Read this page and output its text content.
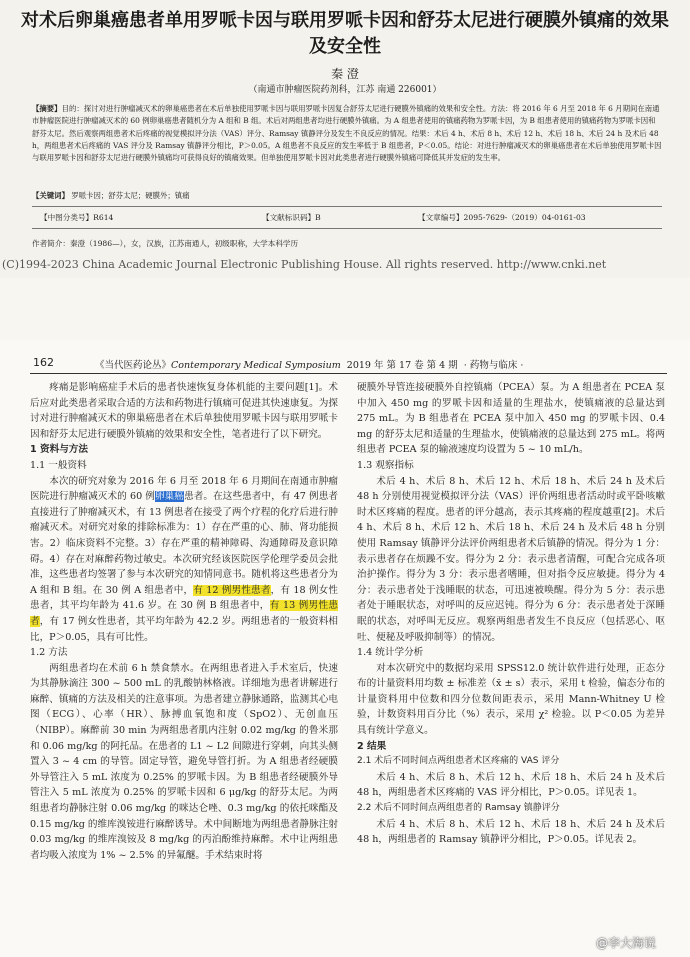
对术后卵巢癌患者单用罗哌卡因与联用罗哌卡因和舒芬太尼进行硬膜外镇痛的效果及安全性
秦 澄
（南通市肿瘤医院药剂科，江苏 南通 226001）
【摘要】目的：探讨对进行肿瘤减灭术的卵巢癌患者在术后单独使用罗哌卡因与联用罗哌卡因复合舒芬太尼进行硬膜外镇痛的效果和安全性。方法：将 2016 年 6 月至 2018 年 6 月期间在南通市肿瘤医院进行肿瘤减灭术的 60 例卵巢癌患者随机分为 A 组和 B 组。术后对两组患者均进行硬膜外镇痛。为 A 组患者使用的镇痛药物为罗哌卡因，为 B 组患者使用的镇痛药物为罗哌卡因和舒芬太尼。然后观察两组患者术后疼痛的视觉模拟评分法（VAS）评分、Ramsay 镇静评分及发生不良反应的情况。结果：术后 4 h、术后 8 h、术后 12 h、术后 18 h、术后 24 h 及术后 48 h，两组患者术后疼痛的 VAS 评分及 Ramsay 镇静评分相比，P＞0.05。A 组患者不良反应的发生率低于 B 组患者，P＜0.05。结论：对进行肿瘤减灭术的卵巢癌患者在术后单独使用罗哌卡因与联用罗哌卡因和舒芬太尼进行硬膜外镇痛均可获得良好的镇痛效果。但单独使用罗哌卡因对此类患者进行硬膜外镇痛可降低其并发症的发生率。
【关键词】 罗哌卡因；舒芬太尼；硬膜外；镇痛
【中图分类号】R614	【文献标识码】B	【文章编号】2095-7629-（2019）04-0161-03
作者简介：秦澄（1986—），女，汉族，江苏南通人，初级职称，大学本科学历
(C)1994-2023 China Academic Journal Electronic Publishing House. All rights reserved. http://www.cnki.net
162	《当代医药论丛》Contemporary Medical Symposium 2019 年 第 17 卷 第 4 期 · 药物与临床 ·

疼痛是影响癌症手术后的患者快速恢复身体机能的主要问题[1]。术后应对此类患者采取合适的方法和药物进行镇痛可促进其快速康复。为探讨对进行肿瘤减灭术的卵巢癌患者在术后单独使用罗哌卡因与联用罗哌卡因和舒芬太尼进行硬膜外镇痛的效果和安全性，笔者进行了以下研究。

1 资料与方法
1.1 一般资料

本次的研究对象为 2016 年 6 月至 2018 年 6 月期间在南通市肿瘤医院进行肿瘤减灭术的 60 例卵巢癌患者。在这些患者中，有 47 例患者直接进行了肿瘤减灭术，有 13 例患者在接受了两个疗程的化疗后进行肿瘤减灭术。对研究对象的排除标准为：1）存在严重的心、肺、肾功能损害。2）临床资料不完整。3）存在严重的精神障碍、沟通障碍及意识障碍。4）存在对麻醉药物过敏史。本次研究经该医院医学伦理学委员会批准，这些患者均签署了参与本次研究的知情同意书。随机将这些患者分为 A 组和 B 组。在 30 例 A 组患者中，有 12 例男性患者，有 18 例女性患者，其平均年龄为 41.6 岁。在 30 例 B 组患者中，有 13 例男性患者，有 17 例女性患者，其平均年龄为 42.2 岁。两组患者的一般资料相比，P＞0.05，具有可比性。

1.2 方法

两组患者均在术前 6 h 禁食禁水。在两组患者进入手术室后，快速为其静脉滴注 300 ~ 500 mL 的乳酸钠林格液。详细地为患者讲解进行麻醉、镇痛的方法及相关的注意事项。为患者建立静脉通路，监测其心电图（ECG）、心率（HR）、脉搏血氧饱和度（SpO2）、无创血压（NIBP）。麻醉前 30 min 为两组患者肌内注射 0.02 mg/kg 的鲁米那和 0.06 mg/kg 的阿托品。在患者的 L1 ~ L2 间隙进行穿刺，向其头侧置入 3 ~ 4 cm 的导管。固定导管，避免导管打折。为 A 组患者经硬膜外导管注入 5 mL 浓度为 0.25% 的罗哌卡因。为 B 组患者经硬膜外导管注入 5 mL 浓度为 0.25% 的罗哌卡因和 6 μg/kg 的舒芬太尼。为两组患者均静脉注射 0.06 mg/kg 的咪达仑唑、0.3 mg/kg 的依托咪酯及 0.15 mg/kg 的维库溴铵进行麻醉诱导。术中间断地为两组患者静脉注射 0.03 mg/kg 的维库溴铵及 8 mg/kg 的丙泊酚维持麻醉。术中让两组患者均吸入浓度为 1% ~ 2.5% 的异氟醚。手术结束时将

硬膜外导管连接硬膜外自控镇痛（PCEA）泵。为 A 组患者在 PCEA 泵中加入 450 mg 的罗哌卡因和适量的生理盐水，使镇痛液的总量达到 275 mL。为 B 组患者在 PCEA 泵中加入 450 mg 的罗哌卡因、0.4 mg 的舒芬太尼和适量的生理盐水，使镇痛液的总量达到 275 mL。将两组患者 PCEA 泵的输液速度均设置为 5 ~ 10 mL/h。

1.3 观察指标

术后 4 h、术后 8 h、术后 12 h、术后 18 h、术后 24 h 及术后 48 h 分别使用视觉模拟评分法（VAS）评价两组患者活动时或平卧咳嗽时术区疼痛的程度。患者的评分越高，表示其疼痛的程度越重[2]。术后 4 h、术后 8 h、术后 12 h、术后 18 h、术后 24 h 及术后 48 h 分别使用 Ramsay 镇静评分法评价两组患者术后镇静的情况。得分为 1 分：表示患者存在烦躁不安。得分为 2 分：表示患者清醒，可配合完成各项治护操作。得分为 3 分：表示患者嗜睡，但对指令反应敏捷。得分为 4 分：表示患者处于浅睡眠的状态，可迅速被唤醒。得分为 5 分：表示患者处于睡眠状态，对呼叫的反应迟钝。得分为 6 分：表示患者处于深睡眠的状态，对呼叫无反应。观察两组患者发生不良反应（包括恶心、呕吐、便秘及呼吸抑制等）的情况。

1.4 统计学分析

对本次研究中的数据均采用 SPSS12.0 统计软件进行处理，正态分布的计量资料用均数 ± 标准差（x̄ ± s）表示，采用 t 检验，偏态分布的计量资料用中位数和四分位数间距表示，采用 Mann-Whitney U 检验，计数资料用百分比（%）表示，采用 χ² 检验。以 P＜0.05 为差异具有统计学意义。

2 结果
2.1 术后不同时间点两组患者术区疼痛的 VAS 评分

术后 4 h、术后 8 h、术后 12 h、术后 18 h、术后 24 h 及术后 48 h，两组患者术区疼痛的 VAS 评分相比，P＞0.05。详见表 1。

2.2 术后不同时间点两组患者的 Ramsay 镇静评分

术后 4 h、术后 8 h、术后 12 h、术后 18 h、术后 24 h 及术后 48 h，两组患者的 Ramsay 镇静评分相比，P＞0.05。详见表 2。

@李大海说
